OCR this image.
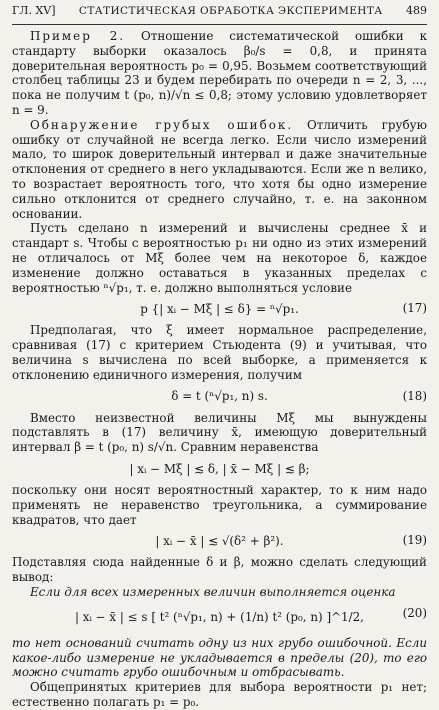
ГЛ. XV] СТАТИСТИЧЕСКАЯ ОБРАБОТКА ЭКСПЕРИМЕНТА 489

Пример 2. Отношение систематической ошибки к стандарту выборки оказалось β₀/s = 0,8, и принята доверительная вероятность p₀ = 0,95. Возьмем соответствующий столбец таблицы 23 и будем перебирать по очереди n = 2, 3, ..., пока не получим t (p₀, n)/√n ≤ 0,8; этому условию удовлетворяет n = 9.

Обнаружение грубых ошибок. Отличить грубую ошибку от случайной не всегда легко. Если число измерений мало, то широк доверительный интервал и даже значительные отклонения от среднего в него укладываются. Если же n велико, то возрастает вероятность того, что хотя бы одно измерение сильно отклонится от среднего случайно, т. е. на законном основании.

Пусть сделано n измерений и вычислены среднее x̄ и стандарт s. Чтобы с вероятностью p₁ ни одно из этих измерений не отличалось от Mξ более чем на некоторое δ, каждое изменение должно оставаться в указанных пределах с вероятностью ⁿ√p₁, т. е. должно выполняться условие

p {| xᵢ − Mξ | ≤ δ} = ⁿ√p₁.	(17)

Предполагая, что ξ имеет нормальное распределение, сравнивая (17) с критерием Стьюдента (9) и учитывая, что величина s вычислена по всей выборке, а применяется к отклонению единичного измерения, получим

δ = t (ⁿ√p₁, n) s.	(18)

Вместо неизвестной величины Mξ мы вынуждены подставлять в (17) величину x̄, имеющую доверительный интервал β = t (p₀, n) s/√n. Сравним неравенства

| xᵢ − Mξ | ≲ δ, | x̄ − Mξ | ≲ β;

поскольку они носят вероятностный характер, то к ним надо применять не неравенство треугольника, а суммирование квадратов, что дает

| xᵢ − x̄ | ≲ √(δ² + β²).	(19)

Подставляя сюда найденные δ и β, можно сделать следующий вывод:

Если для всех измеренных величин выполняется оценка

| xᵢ − x̄ | ≤ s [ t² (ⁿ√p₁, n) + (1/n) t² (p₀, n) ]^1/2,	(20)

то нет оснований считать одну из них грубо ошибочной. Если какое-либо измерение не укладывается в пределы (20), то его можно считать грубо ошибочным и отбрасывать.

Общепринятых критериев для выбора вероятности p₁ нет; естественно полагать p₁ = p₀.
